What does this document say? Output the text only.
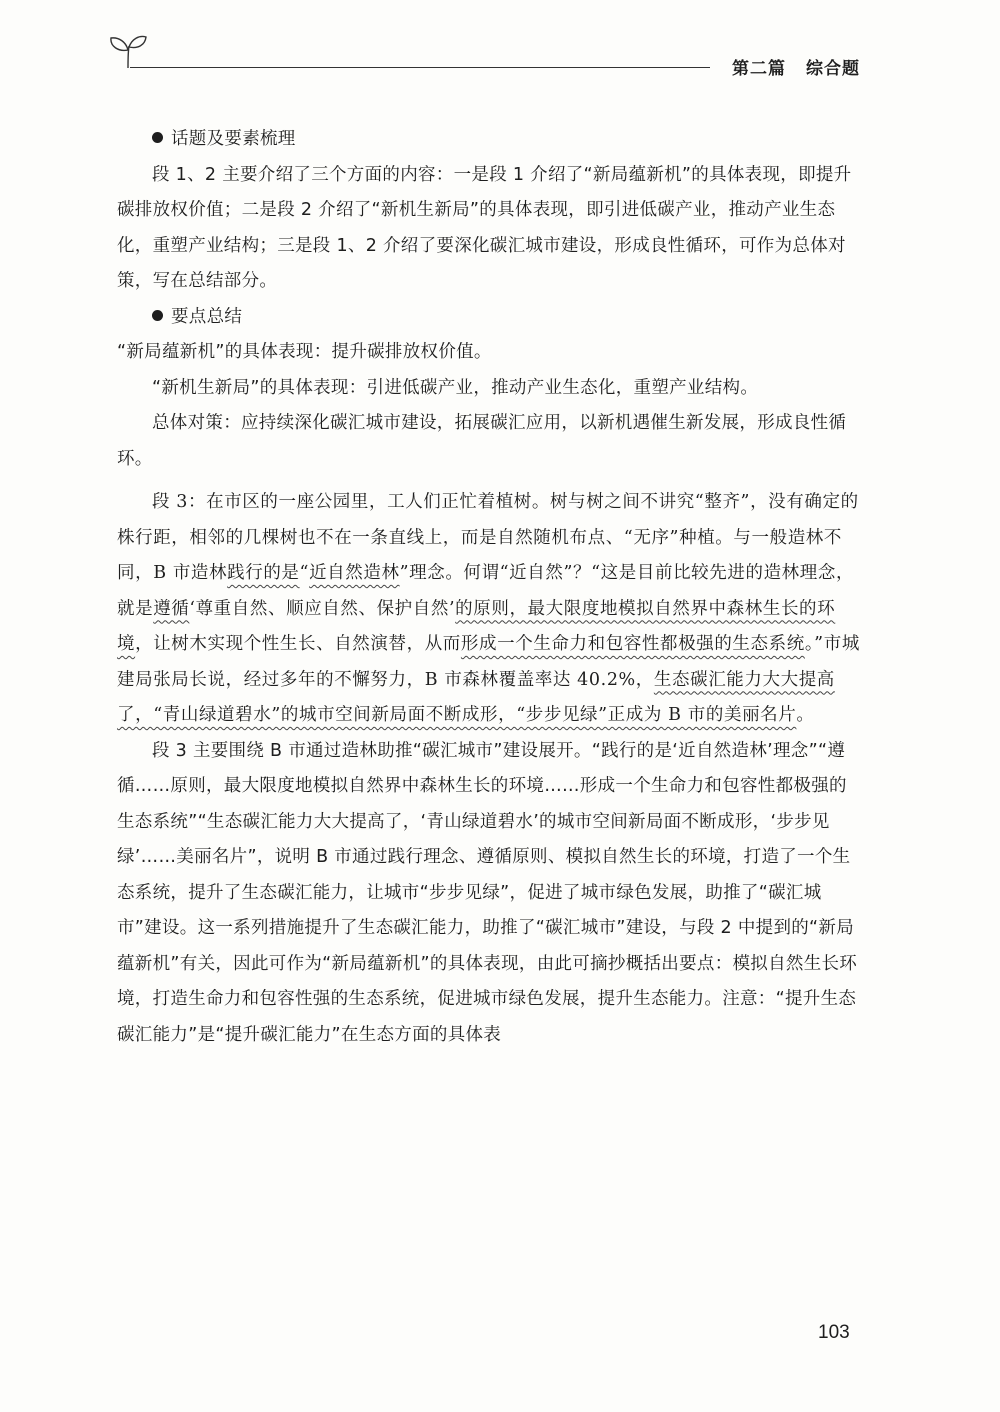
第二篇 综合题

话题及要素梳理

段 1、2 主要介绍了三个方面的内容：一是段 1 介绍了“新局蕴新机”的具体表现，即提升碳排放权价值；二是段 2 介绍了“新机生新局”的具体表现，即引进低碳产业，推动产业生态化，重塑产业结构；三是段 1、2 介绍了要深化碳汇城市建设，形成良性循环，可作为总体对策，写在总结部分。

要点总结

“新局蕴新机”的具体表现：提升碳排放权价值。

“新机生新局”的具体表现：引进低碳产业，推动产业生态化，重塑产业结构。

总体对策：应持续深化碳汇城市建设，拓展碳汇应用，以新机遇催生新发展，形成良性循环。

段 3：在市区的一座公园里，工人们正忙着植树。树与树之间不讲究“整齐”，没有确定的株行距，相邻的几棵树也不在一条直线上，而是自然随机布点、“无序”种植。与一般造林不同，B 市造林践行的是“近自然造林”理念。何谓“近自然”？“这是目前比较先进的造林理念，就是遵循‘尊重自然、顺应自然、保护自然’的原则，最大限度地模拟自然界中森林生长的环境，让树木实现个性生长、自然演替，从而形成一个生命力和包容性都极强的生态系统。”市城建局张局长说，经过多年的不懈努力，B 市森林覆盖率达 40.2%，生态碳汇能力大大提高了，“青山绿道碧水”的城市空间新局面不断成形，“步步见绿”正成为 B 市的美丽名片。

段 3 主要围绕 B 市通过造林助推“碳汇城市”建设展开。“践行的是‘近自然造林’理念”“遵循……原则，最大限度地模拟自然界中森林生长的环境……形成一个生命力和包容性都极强的生态系统”“生态碳汇能力大大提高了，‘青山绿道碧水’的城市空间新局面不断成形，‘步步见绿’……美丽名片”，说明 B 市通过践行理念、遵循原则、模拟自然生长的环境，打造了一个生态系统，提升了生态碳汇能力，让城市“步步见绿”，促进了城市绿色发展，助推了“碳汇城市”建设。这一系列措施提升了生态碳汇能力，助推了“碳汇城市”建设，与段 2 中提到的“新局蕴新机”有关，因此可作为“新局蕴新机”的具体表现，由此可摘抄概括出要点：模拟自然生长环境，打造生命力和包容性强的生态系统，促进城市绿色发展，提升生态能力。注意：“提升生态碳汇能力”是“提升碳汇能力”在生态方面的具体表

103
